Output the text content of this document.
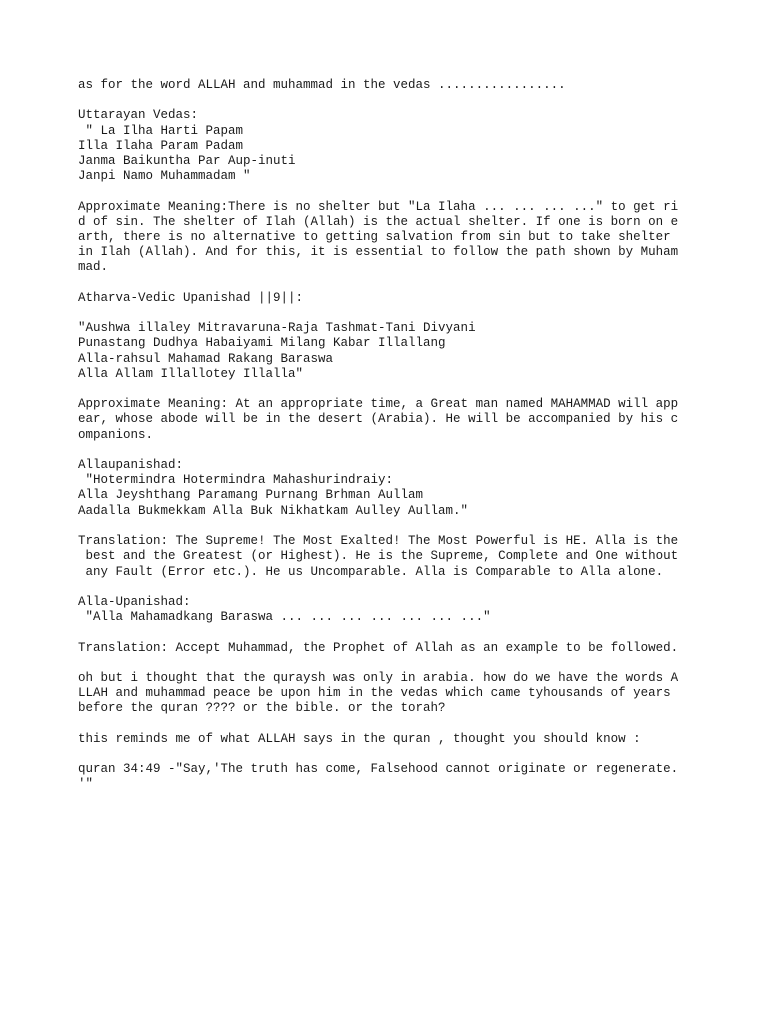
as for the word ALLAH and muhammad in the vedas .................

Uttarayan Vedas:
" La Ilha Harti Papam
Illa Ilaha Param Padam
Janma Baikuntha Par Aup-inuti
Janpi Namo Muhammadam "

Approximate Meaning:There is no shelter but "La Ilaha ... ... ... ..." to get ri
d of sin. The shelter of Ilah (Allah) is the actual shelter. If one is born on e
arth, there is no alternative to getting salvation from sin but to take shelter
in Ilah (Allah). And for this, it is essential to follow the path shown by Muham
mad.

Atharva-Vedic Upanishad ||9||:

"Aushwa illaley Mitravaruna-Raja Tashmat-Tani Divyani
Punastang Dudhya Habaiyami Milang Kabar Illallang
Alla-rahsul Mahamad Rakang Baraswa
Alla Allam Illallotey Illalla"

Approximate Meaning: At an appropriate time, a Great man named MAHAMMAD will app
ear, whose abode will be in the desert (Arabia). He will be accompanied by his c
ompanions.

Allaupanishad:
"Hotermindra Hotermindra Mahashurindraiy:
Alla Jeyshthang Paramang Purnang Brhman Aullam
Aadalla Bukmekkam Alla Buk Nikhatkam Aulley Aullam."

Translation: The Supreme! The Most Exalted! The Most Powerful is HE. Alla is the
best and the Greatest (or Highest). He is the Supreme, Complete and One without
any Fault (Error etc.). He us Uncomparable. Alla is Comparable to Alla alone.

Alla-Upanishad:
"Alla Mahamadkang Baraswa ... ... ... ... ... ... ..."

Translation: Accept Muhammad, the Prophet of Allah as an example to be followed.

oh but i thought that the quraysh was only in arabia. how do we have the words A
LLAH and muhammad peace be upon him in the vedas which came tyhousands of years
before the quran ???? or the bible. or the torah?

this reminds me of what ALLAH says in the quran , thought you should know :

quran 34:49 -"Say,'The truth has come, Falsehood cannot originate or regenerate.
'"
